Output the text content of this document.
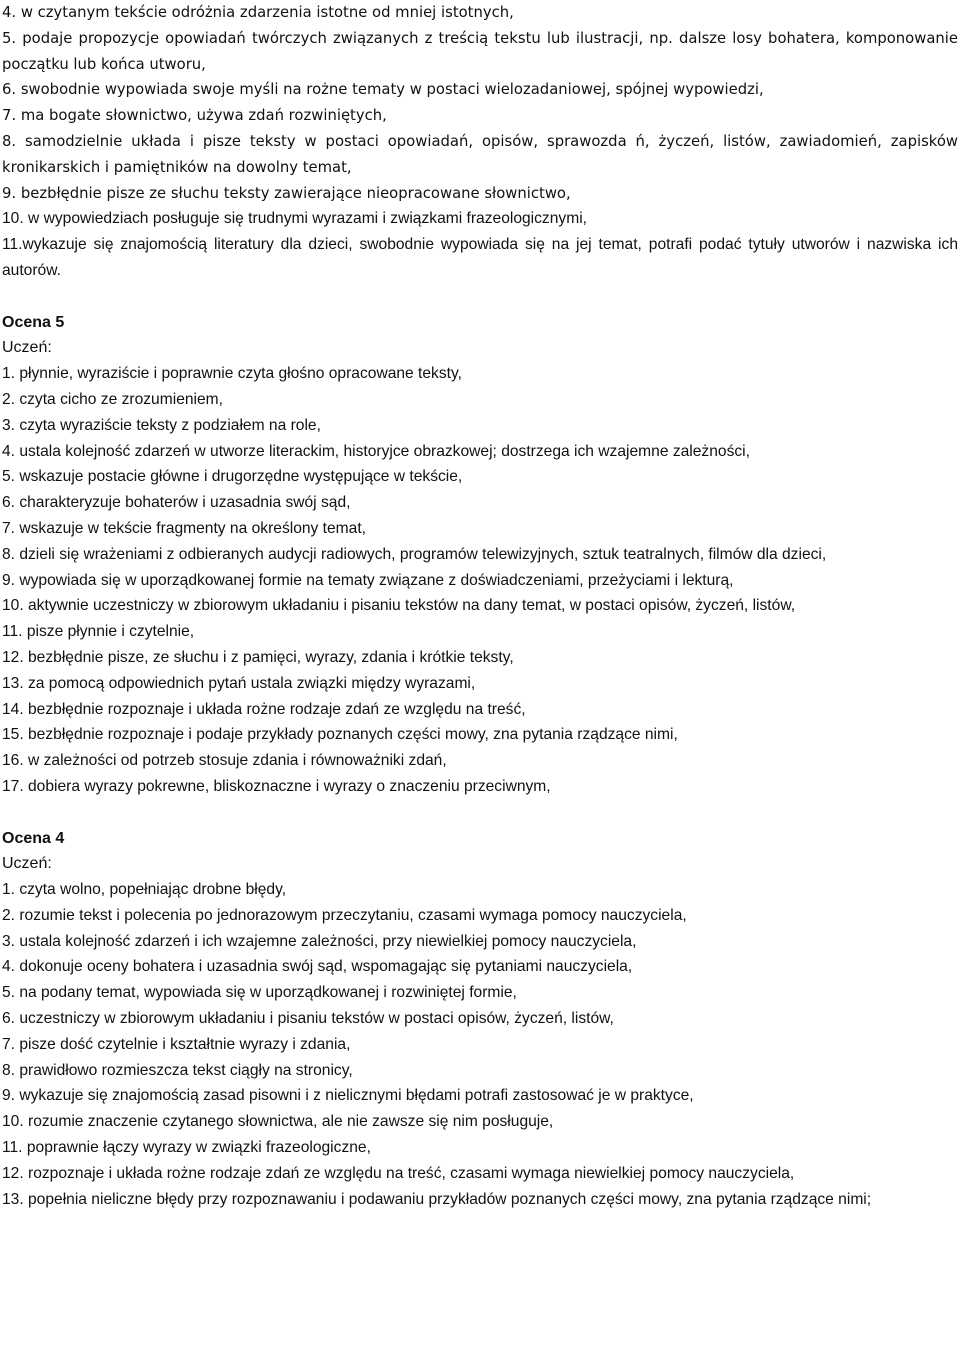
4. w czytanym tekście odróżnia zdarzenia istotne od mniej istotnych,

5. podaje propozycje opowiadań twórczych związanych z treścią tekstu lub ilustracji, np. dalsze losy bohatera, komponowanie początku lub końca utworu,

6. swobodnie wypowiada swoje myśli na rożne tematy w postaci wielozadaniowej, spójnej wypowiedzi,

7. ma bogate słownictwo, używa zdań rozwiniętych,

8. samodzielnie układa i pisze teksty w postaci opowiadań, opisów, sprawozda ń, życzeń, listów, zawiadomień, zapisków kronikarskich i pamiętników na dowolny temat,

9. bezbłędnie pisze ze słuchu teksty zawierające nieopracowane słownictwo,

10. w wypowiedziach posługuje się trudnymi wyrazami i związkami frazeologicznymi,

11.wykazuje się znajomością literatury dla dzieci, swobodnie wypowiada się na jej temat, potrafi podać tytuły utworów i nazwiska ich autorów.

Ocena 5

Uczeń:

1. płynnie, wyraziście i poprawnie czyta głośno opracowane teksty,

2. czyta cicho ze zrozumieniem,

3. czyta wyraziście teksty z podziałem na role,

4. ustala kolejność zdarzeń w utworze literackim, historyjce obrazkowej; dostrzega ich wzajemne zależności,

5. wskazuje postacie główne i drugorzędne występujące w tekście,

6. charakteryzuje bohaterów i uzasadnia swój sąd,

7. wskazuje w tekście fragmenty na określony temat,

8. dzieli się wrażeniami z odbieranych audycji radiowych, programów telewizyjnych, sztuk teatralnych, filmów dla dzieci,

9. wypowiada się w uporządkowanej formie na tematy związane z doświadczeniami, przeżyciami i lekturą,

10. aktywnie uczestniczy w zbiorowym układaniu i pisaniu tekstów na dany temat, w postaci opisów, życzeń, listów,

11. pisze płynnie i czytelnie,

12. bezbłędnie pisze, ze słuchu i z pamięci, wyrazy, zdania i krótkie teksty,

13. za pomocą odpowiednich pytań ustala związki między wyrazami,

14. bezbłędnie rozpoznaje i układa rożne rodzaje zdań ze względu na treść,

15. bezbłędnie rozpoznaje i podaje przykłady poznanych części mowy, zna pytania rządzące nimi,

16. w zależności od potrzeb stosuje zdania i równoważniki zdań,

17. dobiera wyrazy pokrewne, bliskoznaczne i wyrazy o znaczeniu przeciwnym,

Ocena 4

Uczeń:

1. czyta wolno, popełniając drobne błędy,

2. rozumie tekst i polecenia po jednorazowym przeczytaniu, czasami wymaga pomocy nauczyciela,

3. ustala kolejność zdarzeń i ich wzajemne zależności, przy niewielkiej pomocy nauczyciela,

4. dokonuje oceny bohatera i uzasadnia swój sąd, wspomagając się pytaniami nauczyciela,

5. na podany temat, wypowiada się w uporządkowanej i rozwiniętej formie,

6. uczestniczy w zbiorowym układaniu i pisaniu tekstów w postaci opisów, życzeń, listów,

7. pisze dość czytelnie i kształtnie wyrazy i zdania,

8. prawidłowo rozmieszcza tekst ciągły na stronicy,

9. wykazuje się znajomością zasad pisowni i z nielicznymi błędami potrafi zastosować je w praktyce,

10. rozumie znaczenie czytanego słownictwa, ale nie zawsze się nim posługuje,

11. poprawnie łączy wyrazy w związki frazeologiczne,

12. rozpoznaje i układa rożne rodzaje zdań ze względu na treść, czasami wymaga niewielkiej pomocy nauczyciela,

13. popełnia nieliczne błędy przy rozpoznawaniu i podawaniu przykładów poznanych części mowy, zna pytania rządzące nimi;
